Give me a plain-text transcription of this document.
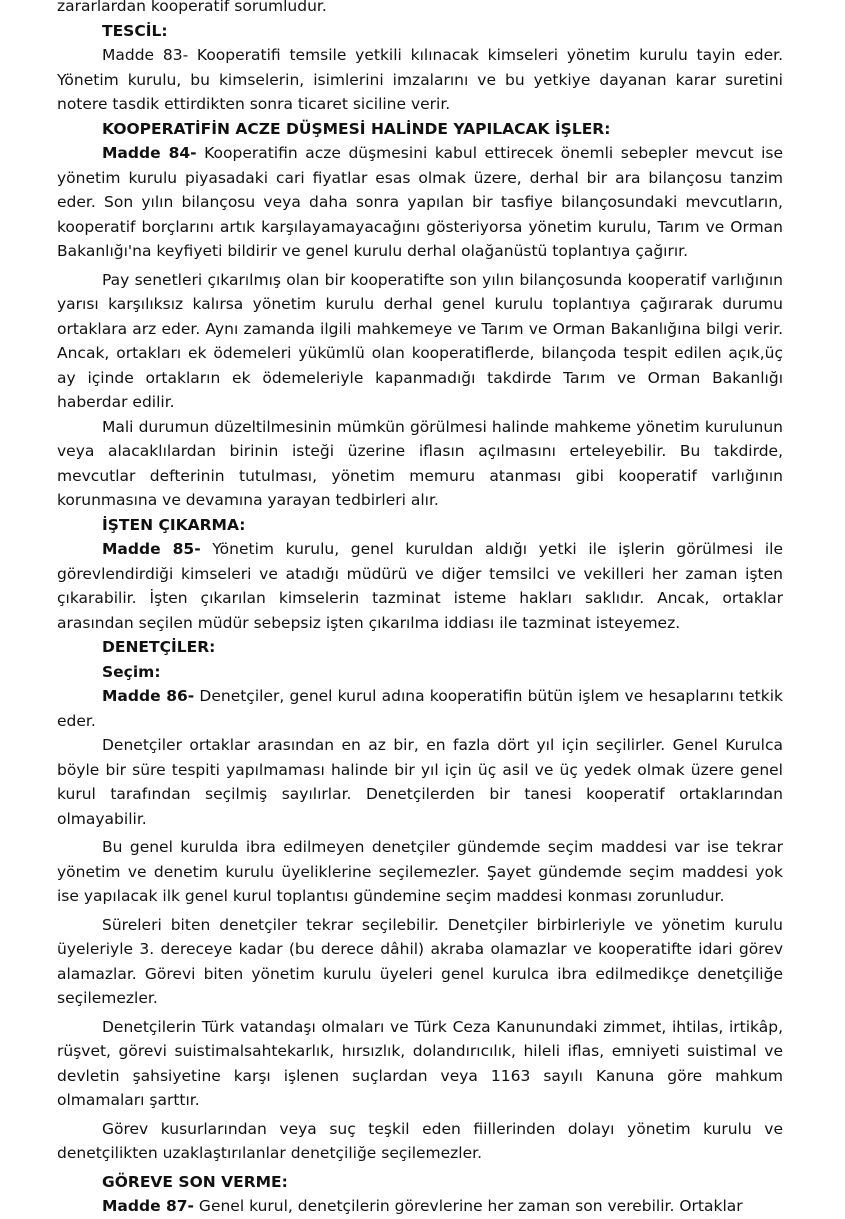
zararlardan kooperatif sorumludur.

TESCİL:

Madde 83- Kooperatifi temsile yetkili kılınacak kimseleri yönetim kurulu tayin eder. Yönetim kurulu, bu kimselerin, isimlerini imzalarını ve bu yetkiye dayanan karar suretini notere tasdik ettirdikten sonra ticaret siciline verir.

KOOPERATİFİN ACZE DÜŞMESİ HALİNDE YAPILACAK İŞLER:

Madde 84- Kooperatifin acze düşmesini kabul ettirecek önemli sebepler mevcut ise yönetim kurulu piyasadaki cari fiyatlar esas olmak üzere, derhal bir ara bilançosu tanzim eder. Son yılın bilançosu veya daha sonra yapılan bir tasfiye bilançosundaki mevcutların, kooperatif borçlarını artık karşılayamayacağını gösteriyorsa yönetim kurulu, Tarım ve Orman Bakanlığı'na keyfiyeti bildirir ve genel kurulu derhal olağanüstü toplantıya çağırır.

Pay senetleri çıkarılmış olan bir kooperatifte son yılın bilançosunda kooperatif varlığının yarısı karşılıksız kalırsa yönetim kurulu derhal genel kurulu toplantıya çağırarak durumu ortaklara arz eder. Aynı zamanda ilgili mahkemeye ve Tarım ve Orman Bakanlığına bilgi verir. Ancak, ortakları ek ödemeleri yükümlü olan kooperatiflerde, bilançoda tespit edilen açık,üç ay içinde ortakların ek ödemeleriyle kapanmadığı takdirde Tarım ve Orman Bakanlığı haberdar edilir.

Mali durumun düzeltilmesinin mümkün görülmesi halinde mahkeme yönetim kurulunun veya alacaklılardan birinin isteği üzerine iflasın açılmasını erteleyebilir. Bu takdirde, mevcutlar defterinin tutulması, yönetim memuru atanması gibi kooperatif varlığının korunmasına ve devamına yarayan tedbirleri alır.

İŞTEN ÇIKARMA:

Madde 85- Yönetim kurulu, genel kuruldan aldığı yetki ile işlerin görülmesi ile görevlendirdiği kimseleri ve atadığı müdürü ve diğer temsilci ve vekilleri her zaman işten çıkarabilir. İşten çıkarılan kimselerin tazminat isteme hakları saklıdır. Ancak, ortaklar arasından seçilen müdür sebepsiz işten çıkarılma iddiası ile tazminat isteyemez.

DENETÇİLER:

Seçim:

Madde 86- Denetçiler, genel kurul adına kooperatifin bütün işlem ve hesaplarını tetkik eder.

Denetçiler ortaklar arasından en az bir, en fazla dört yıl için seçilirler. Genel Kurulca böyle bir süre tespiti yapılmaması halinde bir yıl için üç asil ve üç yedek olmak üzere genel kurul tarafından seçilmiş sayılırlar. Denetçilerden bir tanesi kooperatif ortaklarından olmayabilir.

Bu genel kurulda ibra edilmeyen denetçiler gündemde seçim maddesi var ise tekrar yönetim ve denetim kurulu üyeliklerine seçilemezler. Şayet gündemde seçim maddesi yok ise yapılacak ilk genel kurul toplantısı gündemine seçim maddesi konması zorunludur.

Süreleri biten denetçiler tekrar seçilebilir. Denetçiler birbirleriyle ve yönetim kurulu üyeleriyle 3. dereceye kadar (bu derece dâhil) akraba olamazlar ve kooperatifte idari görev alamazlar. Görevi biten yönetim kurulu üyeleri genel kurulca ibra edilmedikçe denetçiliğe seçilemezler.

Denetçilerin Türk vatandaşı olmaları ve Türk Ceza Kanunundaki zimmet, ihtilas, irtikâp, rüşvet, görevi suistimalsahtekarlık, hırsızlık, dolandırıcılık, hileli iflas, emniyeti suistimal ve devletin şahsiyetine karşı işlenen suçlardan veya 1163 sayılı Kanuna göre mahkum olmamaları şarttır.

Görev kusurlarından veya suç teşkil eden fiillerinden dolayı yönetim kurulu ve denetçilikten uzaklaştırılanlar denetçiliğe seçilemezler.

GÖREVE SON VERME:

Madde 87- Genel kurul, denetçilerin görevlerine her zaman son verebilir. Ortaklar
